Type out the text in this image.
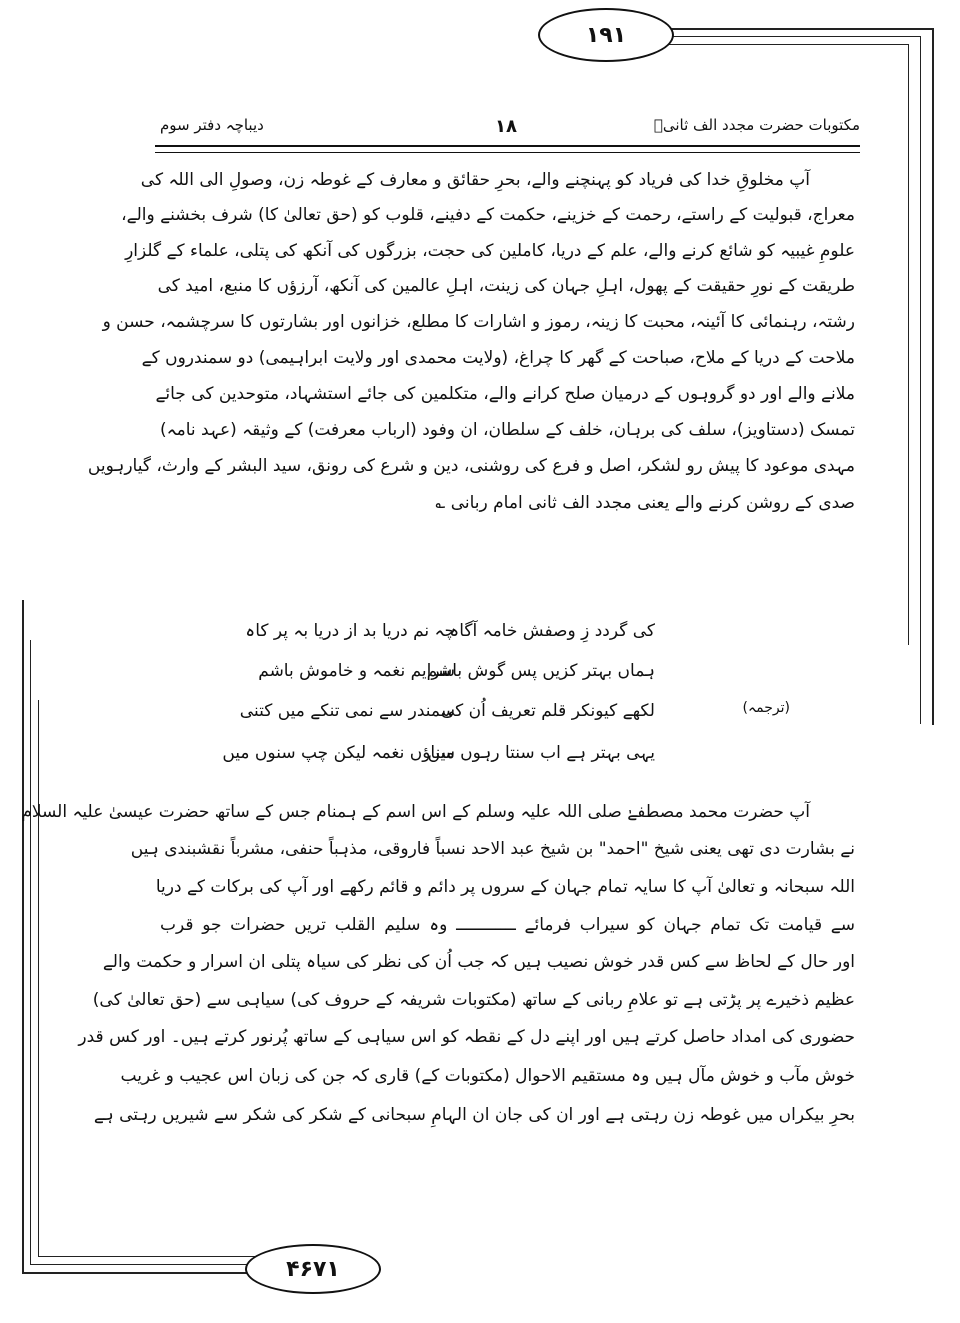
۱۹۱
۴۶۷۱
مکتوبات حضرت مجدد الف ثانیؒ
۱۸
دیباچہ دفتر سوم
آپ مخلوقِ خدا کی فریاد کو پہنچنے والے، بحرِ حقائق و معارف کے غوطہ زن، وصولِ الی اللہ کی
معراج، قبولیت کے راستے، رحمت کے خزینے، حکمت کے دفینے، قلوب کو (حق تعالیٰ کا) شرف بخشنے والے،
علومِ غیبیہ کو شائع کرنے والے، علم کے دریا، کاملین کی حجت، بزرگوں کی آنکھ کی پتلی، علماء کے گلزارِ
طریقت کے نورِ حقیقت کے پھول، اہلِ جہان کی زینت، اہلِ عالمین کی آنکھ، آرزؤں کا منبع، امید کی
رشتہ، رہنمائی کا آئینہ، محبت کا زینہ، رموز و اشارات کا مطلع، خزانوں اور بشارتوں کا سرچشمہ، حسن و
ملاحت کے دریا کے ملاح، صباحت کے گھر کا چراغ، (ولایت محمدی اور ولایت ابراہیمی) دو سمندروں کے
ملانے والے اور دو گروہوں کے درمیان صلح کرانے والے، متکلمین کی جائے استشہاد، متوحدین کی جائے
تمسک (دستاویز)، سلف کی برہان، خلف کے سلطان، ان وفود (ارباب معرفت) کے وثیقہ (عہد نامہ)
مہدی موعود کا پیش رو لشکر، اصل و فرع کی روشنی، دین و شرع کی رونق، سید البشر کے وارث، گیارہویں
صدی کے روشن کرنے والے یعنی مجدد الف ثانی امام ربانی ؎
کی گردد زِ وصفش خامہ آگاہ
چہ نم دریا بد از دریا بہ پر کاہ
ہماں بہتر کزیں پس گوش باشم
سرایم نغمہ و خاموش باشم
(ترجمہ)
لکھے کیونکر قلم تعریف اُن کی
سمندر سے نمی تنکے میں کتنی
یہی بہتر ہے اب سنتا رہوں میں
سناؤں نغمہ لیکن چپ سنوں میں
آپ حضرت محمد مصطفےٰ صلی اللہ علیہ وسلم کے اس اسم کے ہمنام جس کے ساتھ حضرت عیسیٰ علیہ السلام
نے بشارت دی تھی یعنی شیخ "احمد" بن شیخ عبد الاحد نسباً فاروقی، مذہباً حنفی، مشرباً نقشبندی ہیں
اللہ سبحانہ و تعالیٰ آپ کا سایہ تمام جہان کے سروں پر دائم و قائم رکھے اور آپ کی برکات کے دریا
سے قیامت تک تمام جہان کو سیراب فرمائے ــــــــــــ وہ سلیم القلب تریں حضرات جو قرب
اور حال کے لحاظ سے کس قدر خوش نصیب ہیں کہ جب اُن کی نظر کی سیاہ پتلی ان اسرار و حکمت والے
عظیم ذخیرے پر پڑتی ہے تو علامِ ربانی کے ساتھ (مکتوبات شریفہ کے حروف کی) سیاہی سے (حق تعالیٰ کی)
حضوری کی امداد حاصل کرتے ہیں اور اپنے دل کے نقطہ کو اس سیاہی کے ساتھ پُرنور کرتے ہیں۔ اور کس قدر
خوش مآب و خوش مآل ہیں وہ مستقیم الاحوال (مکتوبات کے) قاری کہ جن کی زبان اس عجیب و غریب
بحرِ بیکراں میں غوطہ زن رہتی ہے اور ان کی جان ان الہامِ سبحانی کے شکر کی شکر سے شیریں رہتی ہے
